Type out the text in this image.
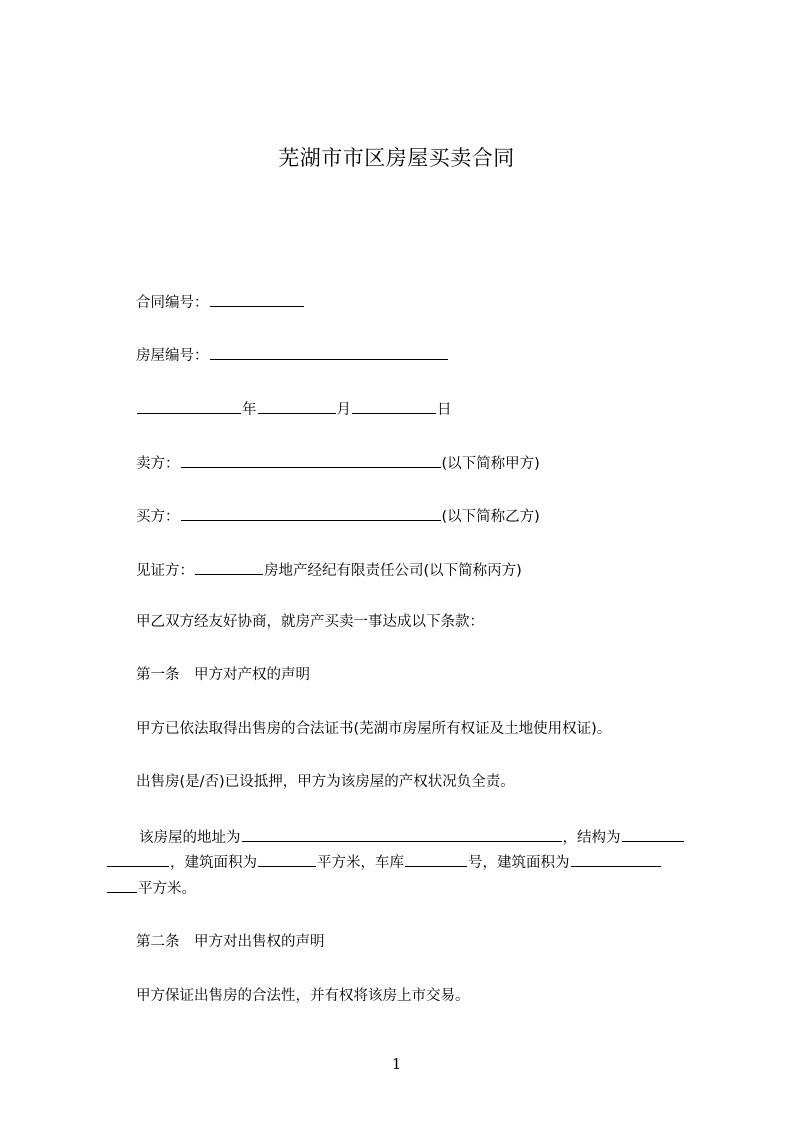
芜湖市市区房屋买卖合同
合同编号：
房屋编号：
年	月	日
卖方：	(以下简称甲方)
买方：	(以下简称乙方)
见证方：	房地产经纪有限责任公司(以下简称丙方)
甲乙双方经友好协商，就房产买卖一事达成以下条款：
第一条　甲方对产权的声明
甲方已依法取得出售房的合法证书(芜湖市房屋所有权证及土地使用权证)。
出售房(是/否)已设抵押，甲方为该房屋的产权状况负全责。
该房屋的地址为	，结构为
，建筑面积为	平方米，车库	号，建筑面积为
平方米。
第二条　甲方对出售权的声明
甲方保证出售房的合法性，并有权将该房上市交易。
1
